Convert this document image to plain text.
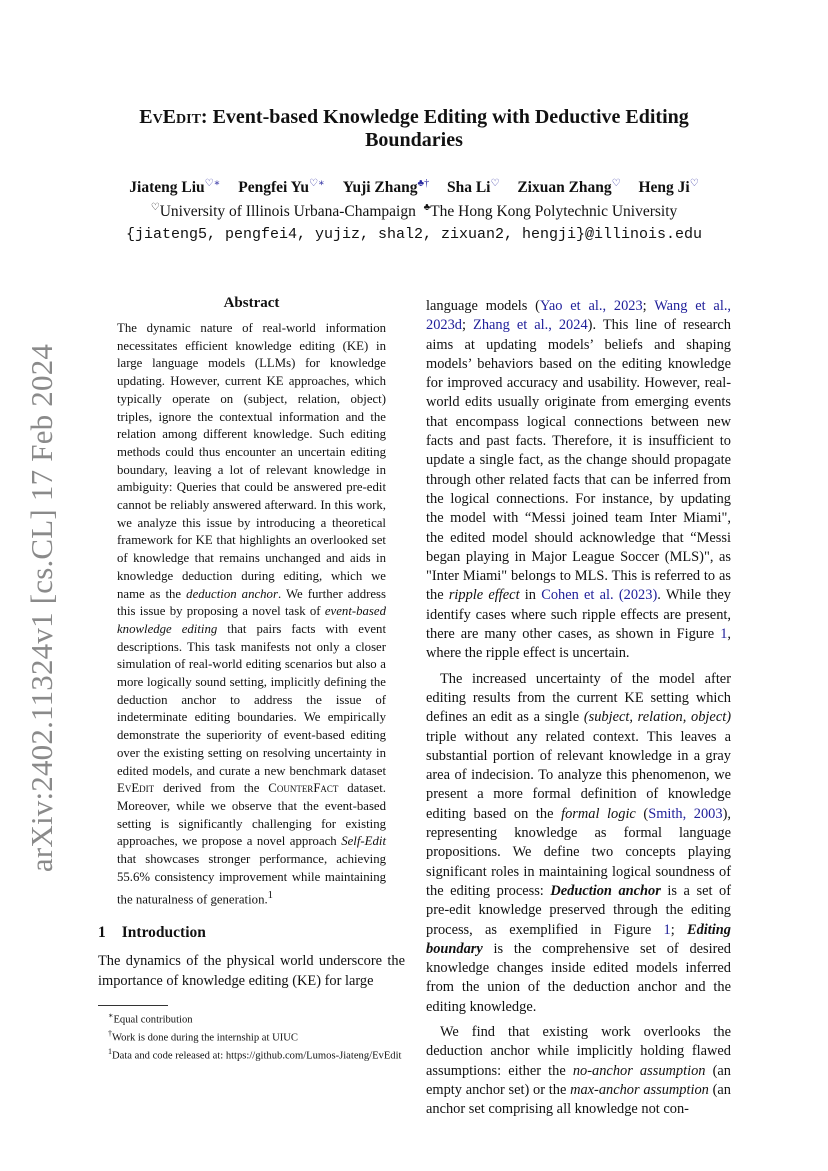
arXiv:2402.11324v1 [cs.CL] 17 Feb 2024
EvEdit: Event-based Knowledge Editing with Deductive Editing Boundaries
Jiateng Liu♡∗ Pengfei Yu♡∗ Yuji Zhang♣† Sha Li♡ Zixuan Zhang♡ Heng Ji♡
♡University of Illinois Urbana-Champaign ♣The Hong Kong Polytechnic University
{jiateng5, pengfei4, yujiz, shal2, zixuan2, hengji}@illinois.edu
Abstract
The dynamic nature of real-world information necessitates efficient knowledge editing (KE) in large language models (LLMs) for knowledge updating. However, current KE approaches, which typically operate on (subject, relation, object) triples, ignore the contextual information and the relation among different knowledge. Such editing methods could thus encounter an uncertain editing boundary, leaving a lot of relevant knowledge in ambiguity: Queries that could be answered pre-edit cannot be reliably answered afterward. In this work, we analyze this issue by introducing a theoretical framework for KE that highlights an overlooked set of knowledge that remains unchanged and aids in knowledge deduction during editing, which we name as the deduction anchor. We further address this issue by proposing a novel task of event-based knowledge editing that pairs facts with event descriptions. This task manifests not only a closer simulation of real-world editing scenarios but also a more logically sound setting, implicitly defining the deduction anchor to address the issue of indeterminate editing boundaries. We empirically demonstrate the superiority of event-based editing over the existing setting on resolving uncertainty in edited models, and curate a new benchmark dataset EvEdit derived from the CounterFact dataset. Moreover, while we observe that the event-based setting is significantly challenging for existing approaches, we propose a novel approach Self-Edit that showcases stronger performance, achieving 55.6% consistency improvement while maintaining the naturalness of generation.$^1$
1 Introduction

The dynamics of the physical world underscore the importance of knowledge editing (KE) for large

∗Equal contribution
†Work is done during the internship at UIUC
$^1$Data and code released at: https://github.com/Lumos-Jiateng/EvEdit

language models (Yao et al., 2023; Wang et al., 2023d; Zhang et al., 2024). This line of research aims at updating models’ beliefs and shaping models’ behaviors based on the editing knowledge for improved accuracy and usability. However, real-world edits usually originate from emerging events that encompass logical connections between new facts and past facts. Therefore, it is insufficient to update a single fact, as the change should propagate through other related facts that can be inferred from the logical connections. For instance, by updating the model with “Messi joined team Inter Miami", the edited model should acknowledge that “Messi began playing in Major League Soccer (MLS)", as "Inter Miami" belongs to MLS. This is referred to as the ripple effect in Cohen et al. (2023). While they identify cases where such ripple effects are present, there are many other cases, as shown in Figure 1, where the ripple effect is uncertain.

The increased uncertainty of the model after editing results from the current KE setting which defines an edit as a single (subject, relation, object) triple without any related context. This leaves a substantial portion of relevant knowledge in a gray area of indecision. To analyze this phenomenon, we present a more formal definition of knowledge editing based on the formal logic (Smith, 2003), representing knowledge as formal language propositions. We define two concepts playing significant roles in maintaining logical soundness of the editing process: Deduction anchor is a set of pre-edit knowledge preserved through the editing process, as exemplified in Figure 1; Editing boundary is the comprehensive set of desired knowledge changes inside edited models inferred from the union of the deduction anchor and the editing knowledge.

We find that existing work overlooks the deduction anchor while implicitly holding flawed assumptions: either the no-anchor assumption (an empty anchor set) or the max-anchor assumption (an anchor set comprising all knowledge not con-
